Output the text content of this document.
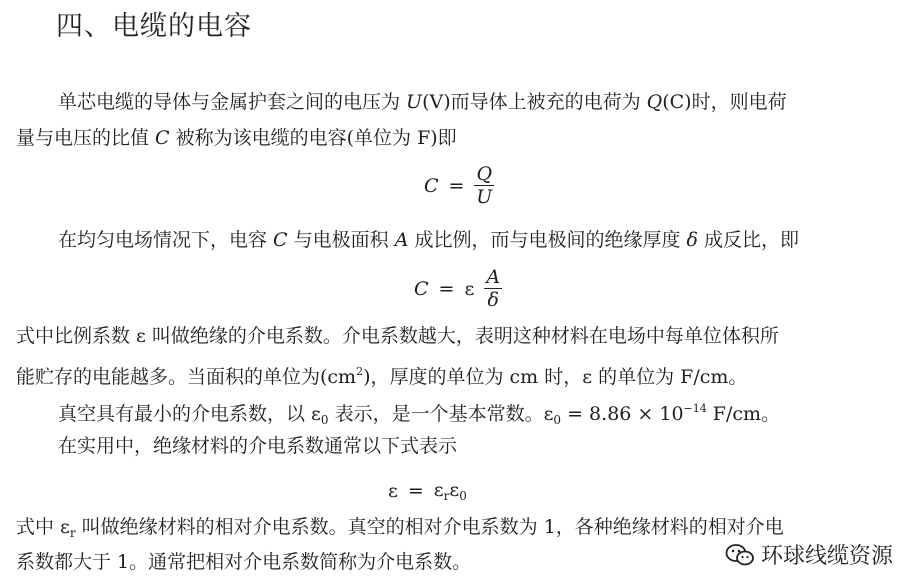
四、电缆的电容
单芯电缆的导体与金属护套之间的电压为 U(V)而导体上被充的电荷为 Q(C)时，则电荷
量与电压的比值 C 被称为该电缆的电容(单位为 F)即
$C = \frac{Q}{U}$
在均匀电场情况下，电容 C 与电极面积 A 成比例，而与电极间的绝缘厚度 δ 成反比，即
C = ε $\frac{A}{\delta}$
式中比例系数 ε 叫做绝缘的介电系数。介电系数越大，表明这种材料在电场中每单位体积所
能贮存的电能越多。当面积的单位为$(cm^2)$，厚度的单位为 cm 时，ε 的单位为 F/cm。
真空具有最小的介电系数，以 $\varepsilon_0$ 表示，是一个基本常数。$\varepsilon_0 = 8.86 \times 10^{-14}$ F/cm。
在实用中，绝缘材料的介电系数通常以下式表示
$\varepsilon = \varepsilon_r\varepsilon_0$
式中 $\varepsilon_r$ 叫做绝缘材料的相对介电系数。真空的相对介电系数为 1，各种绝缘材料的相对介电
系数都大于 1。通常把相对介电系数简称为介电系数。	环球线缆资源
